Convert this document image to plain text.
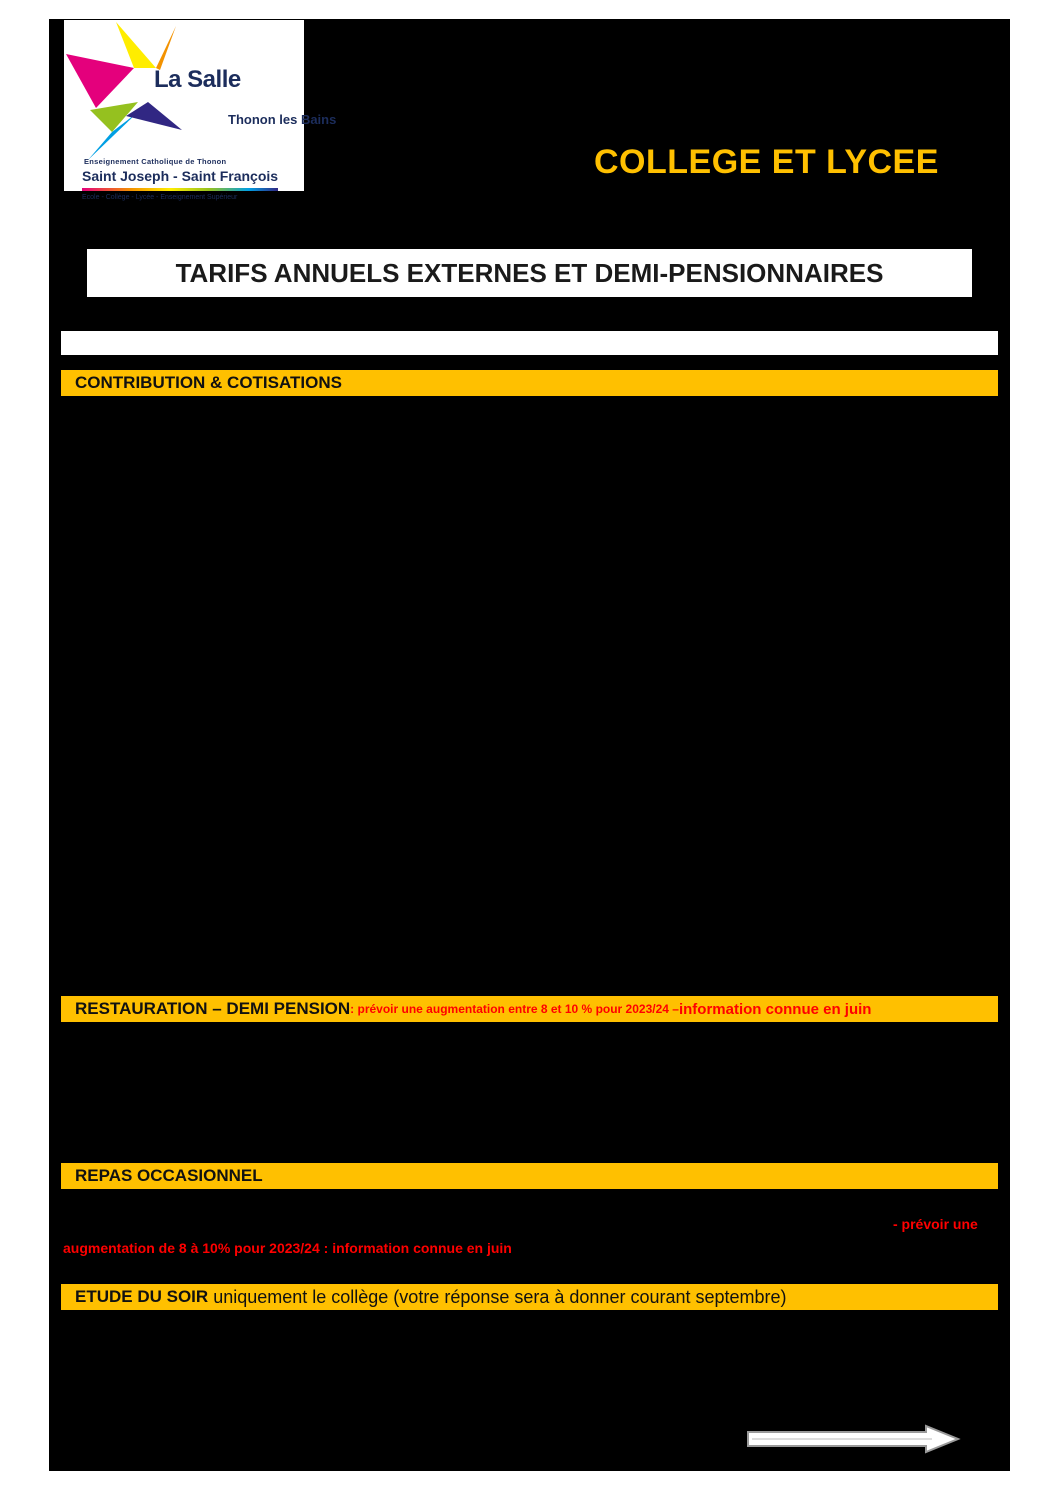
La Salle
Thonon les Bains
Enseignement Catholique de Thonon
Saint Joseph - Saint François
Ecole - Collège - Lycée - Enseignement Supérieur
COLLEGE ET LYCEE
TARIFS ANNUELS EXTERNES ET DEMI-PENSIONNAIRES
CONTRIBUTION & COTISATIONS
RESTAURATION – DEMI PENSION : prévoir une augmentation entre 8 et 10 % pour 2023/24 – information connue en juin
REPAS OCCASIONNEL
- prévoir une
augmentation de 8 à 10% pour 2023/24 : information connue en juin
ETUDE DU SOIR uniquement le collège (votre réponse sera à donner courant septembre)
